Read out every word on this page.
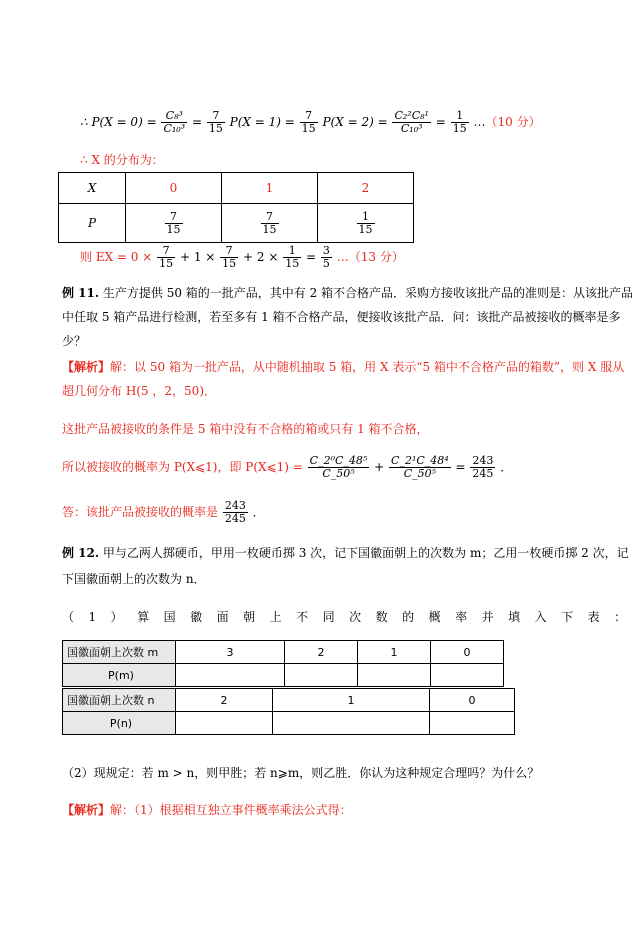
∴ $P(X = 0) = \frac{\text{C₈³}}{\text{C₁₀³}} = \frac{7}{15} P(X = 1) = \frac{7}{15} P(X = 2) = \frac{\text{C₂²C₈¹}}{\text{C₁₀³}} = \frac{1}{15}$ …（10 分）
∴ X 的分布为：
X	0	1	2
P	$\frac{7}{15}$	$\frac{7}{15}$	$\frac{1}{15}$
则 EX = $0 \times \frac{7}{15} + 1 \times \frac{7}{15} + 2 \times \frac{1}{15} = \frac{3}{5}$ …（13 分）
例 11. 生产方提供 50 箱的一批产品，其中有 2 箱不合格产品．采购方接收该批产品的准则是：从该批产品
中任取 5 箱产品进行检测，若至多有 1 箱不合格产品，便接收该批产品．问：该批产品被接收的概率是多
少？
【解析】解：以 50 箱为一批产品，从中随机抽取 5 箱，用 X 表示“5 箱中不合格产品的箱数”，则 X 服从
超几何分布 H(5 ，2，50)．
这批产品被接收的条件是 5 箱中没有不合格的箱或只有 1 箱不合格，
所以被接收的概率为 P(X⩽1)，即 P(X⩽1) = $\frac{\text{C\_2⁰C\_48⁵}}{\text{C\_50⁵}} + \frac{\text{C\_2¹C\_48⁴}}{\text{C\_50⁵}} = \frac{243}{245}$ ．
答：该批产品被接收的概率是 $\frac{243}{245}$ ．
例 12. 甲与乙两人掷硬币，甲用一枚硬币掷 3 次，记下国徽面朝上的次数为 m；乙用一枚硬币掷 2 次，记
下国徽面朝上的次数为 n．
（1）算国徽面朝上不同次数的概率并填入下表：
国徽面朝上次数 m	3	2	1	0
P(m)				
国徽面朝上次数 n	2	1	0
P(n)			
（2）现规定：若 m > n，则甲胜；若 n⩾m，则乙胜．你认为这种规定合理吗？为什么？
【解析】解：（1）根据相互独立事件概率乘法公式得：
